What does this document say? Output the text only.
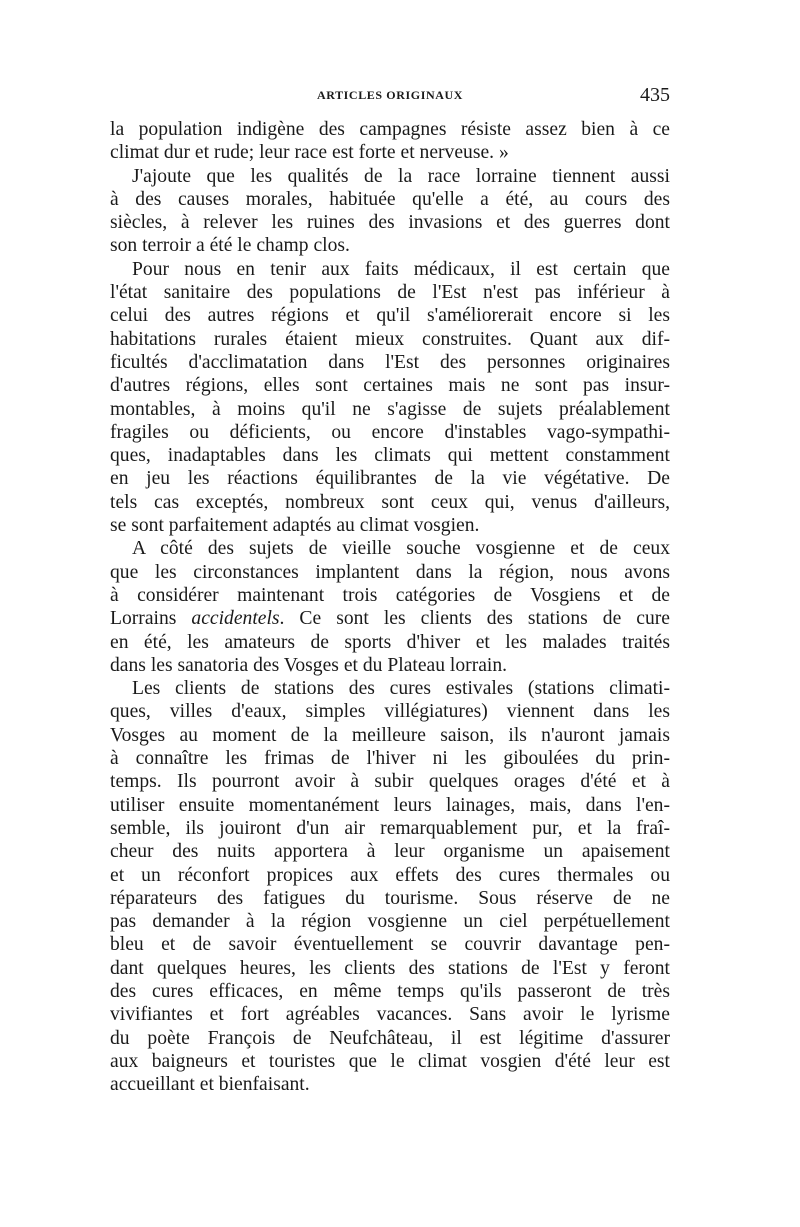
ARTICLES ORIGINAUX	435
la population indigène des campagnes résiste assez bien à ce
climat dur et rude; leur race est forte et nerveuse. »
J'ajoute que les qualités de la race lorraine tiennent aussi
à des causes morales, habituée qu'elle a été, au cours des
siècles, à relever les ruines des invasions et des guerres dont
son terroir a été le champ clos.
Pour nous en tenir aux faits médicaux, il est certain que
l'état sanitaire des populations de l'Est n'est pas inférieur à
celui des autres régions et qu'il s'améliorerait encore si les
habitations rurales étaient mieux construites. Quant aux dif-
ficultés d'acclimatation dans l'Est des personnes originaires
d'autres régions, elles sont certaines mais ne sont pas insur-
montables, à moins qu'il ne s'agisse de sujets préalablement
fragiles ou déficients, ou encore d'instables vago-sympathi-
ques, inadaptables dans les climats qui mettent constamment
en jeu les réactions équilibrantes de la vie végétative. De
tels cas exceptés, nombreux sont ceux qui, venus d'ailleurs,
se sont parfaitement adaptés au climat vosgien.
A côté des sujets de vieille souche vosgienne et de ceux
que les circonstances implantent dans la région, nous avons
à considérer maintenant trois catégories de Vosgiens et de
Lorrains accidentels. Ce sont les clients des stations de cure
en été, les amateurs de sports d'hiver et les malades traités
dans les sanatoria des Vosges et du Plateau lorrain.
Les clients de stations des cures estivales (stations climati-
ques, villes d'eaux, simples villégiatures) viennent dans les
Vosges au moment de la meilleure saison, ils n'auront jamais
à connaître les frimas de l'hiver ni les giboulées du prin-
temps. Ils pourront avoir à subir quelques orages d'été et à
utiliser ensuite momentanément leurs lainages, mais, dans l'en-
semble, ils jouiront d'un air remarquablement pur, et la fraî-
cheur des nuits apportera à leur organisme un apaisement
et un réconfort propices aux effets des cures thermales ou
réparateurs des fatigues du tourisme. Sous réserve de ne
pas demander à la région vosgienne un ciel perpétuellement
bleu et de savoir éventuellement se couvrir davantage pen-
dant quelques heures, les clients des stations de l'Est y feront
des cures efficaces, en même temps qu'ils passeront de très
vivifiantes et fort agréables vacances. Sans avoir le lyrisme
du poète François de Neufchâteau, il est légitime d'assurer
aux baigneurs et touristes que le climat vosgien d'été leur est
accueillant et bienfaisant.
